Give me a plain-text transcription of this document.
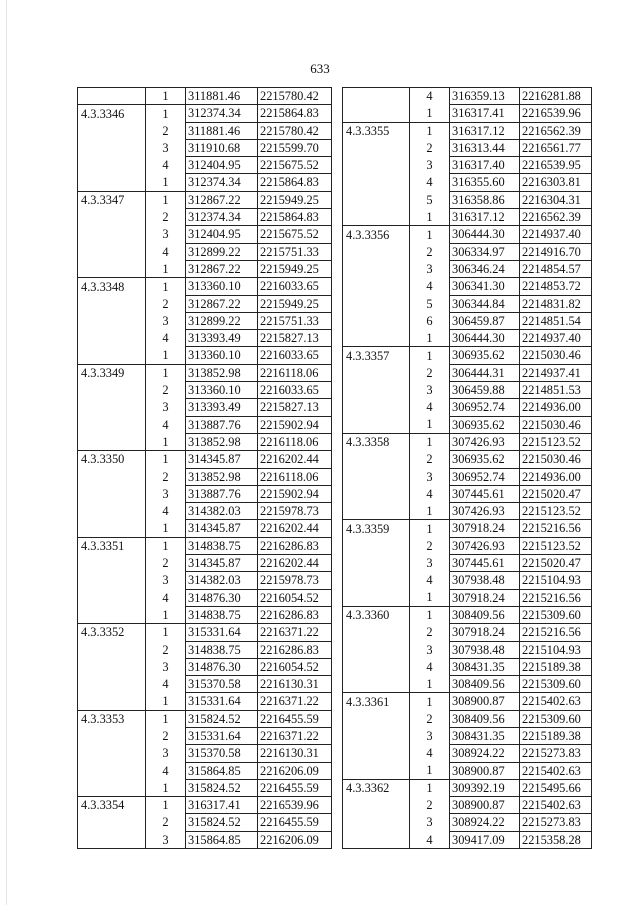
633
	1	311881.46	2215780.42
4.3.3346	1	312374.34	2215864.83
	2	311881.46	2215780.42
	3	311910.68	2215599.70
	4	312404.95	2215675.52
	1	312374.34	2215864.83
4.3.3347	1	312867.22	2215949.25
	2	312374.34	2215864.83
	3	312404.95	2215675.52
	4	312899.22	2215751.33
	1	312867.22	2215949.25
4.3.3348	1	313360.10	2216033.65
	2	312867.22	2215949.25
	3	312899.22	2215751.33
	4	313393.49	2215827.13
	1	313360.10	2216033.65
4.3.3349	1	313852.98	2216118.06
	2	313360.10	2216033.65
	3	313393.49	2215827.13
	4	313887.76	2215902.94
	1	313852.98	2216118.06
4.3.3350	1	314345.87	2216202.44
	2	313852.98	2216118.06
	3	313887.76	2215902.94
	4	314382.03	2215978.73
	1	314345.87	2216202.44
4.3.3351	1	314838.75	2216286.83
	2	314345.87	2216202.44
	3	314382.03	2215978.73
	4	314876.30	2216054.52
	1	314838.75	2216286.83
4.3.3352	1	315331.64	2216371.22
	2	314838.75	2216286.83
	3	314876.30	2216054.52
	4	315370.58	2216130.31
	1	315331.64	2216371.22
4.3.3353	1	315824.52	2216455.59
	2	315331.64	2216371.22
	3	315370.58	2216130.31
	4	315864.85	2216206.09
	1	315824.52	2216455.59
4.3.3354	1	316317.41	2216539.96
	2	315824.52	2216455.59
	3	315864.85	2216206.09
	4	316359.13	2216281.88
	1	316317.41	2216539.96
4.3.3355	1	316317.12	2216562.39
	2	316313.44	2216561.77
	3	316317.40	2216539.95
	4	316355.60	2216303.81
	5	316358.86	2216304.31
	1	316317.12	2216562.39
4.3.3356	1	306444.30	2214937.40
	2	306334.97	2214916.70
	3	306346.24	2214854.57
	4	306341.30	2214853.72
	5	306344.84	2214831.82
	6	306459.87	2214851.54
	1	306444.30	2214937.40
4.3.3357	1	306935.62	2215030.46
	2	306444.31	2214937.41
	3	306459.88	2214851.53
	4	306952.74	2214936.00
	1	306935.62	2215030.46
4.3.3358	1	307426.93	2215123.52
	2	306935.62	2215030.46
	3	306952.74	2214936.00
	4	307445.61	2215020.47
	1	307426.93	2215123.52
4.3.3359	1	307918.24	2215216.56
	2	307426.93	2215123.52
	3	307445.61	2215020.47
	4	307938.48	2215104.93
	1	307918.24	2215216.56
4.3.3360	1	308409.56	2215309.60
	2	307918.24	2215216.56
	3	307938.48	2215104.93
	4	308431.35	2215189.38
	1	308409.56	2215309.60
4.3.3361	1	308900.87	2215402.63
	2	308409.56	2215309.60
	3	308431.35	2215189.38
	4	308924.22	2215273.83
	1	308900.87	2215402.63
4.3.3362	1	309392.19	2215495.66
	2	308900.87	2215402.63
	3	308924.22	2215273.83
	4	309417.09	2215358.28
